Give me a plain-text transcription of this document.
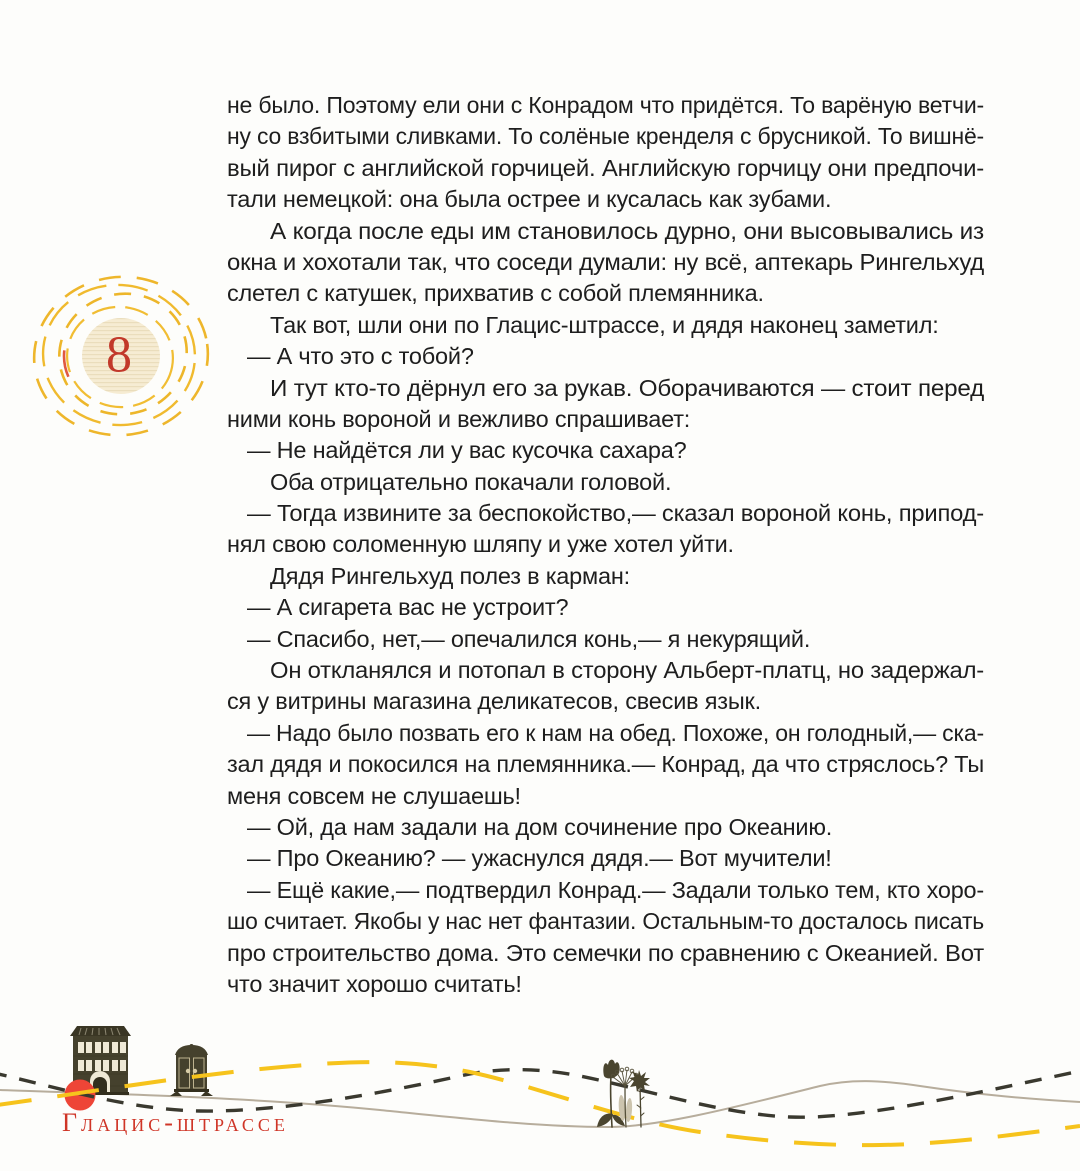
8
не было. Поэтому ели они с Конрадом что придётся. То варёную ветчи-
ну со взбитыми сливками. То солёные кренделя с брусникой. То вишнё-
вый пирог с английской горчицей. Английскую горчицу они предпочи-
тали немецкой: она была острее и кусалась как зубами.
А когда после еды им становилось дурно, они высовывались из
окна и хохотали так, что соседи думали: ну всё, аптекарь Рингельхуд
слетел с катушек, прихватив с собой племянника.
Так вот, шли они по Глацис-штрассе, и дядя наконец заметил:
— А что это с тобой?
И тут кто-то дёрнул его за рукав. Оборачиваются — стоит перед
ними конь вороной и вежливо спрашивает:
— Не найдётся ли у вас кусочка сахара?
Оба отрицательно покачали головой.
— Тогда извините за беспокойство,— сказал вороной конь, припод-
нял свою соломенную шляпу и уже хотел уйти.
Дядя Рингельхуд полез в карман:
— А сигарета вас не устроит?
— Спасибо, нет,— опечалился конь,— я некурящий.
Он откланялся и потопал в сторону Альберт-платц, но задержал-
ся у витрины магазина деликатесов, свесив язык.
— Надо было позвать его к нам на обед. Похоже, он голодный,— ска-
зал дядя и покосился на племянника.— Конрад, да что стряслось? Ты
меня совсем не слушаешь!
— Ой, да нам задали на дом сочинение про Океанию.
— Про Океанию? — ужаснулся дядя.— Вот мучители!
— Ещё какие,— подтвердил Конрад.— Задали только тем, кто хоро-
шо считает. Якобы у нас нет фантазии. Остальным-то досталось писать
про строительство дома. Это семечки по сравнению с Океанией. Вот
что значит хорошо считать!
Глацис-штрассе
